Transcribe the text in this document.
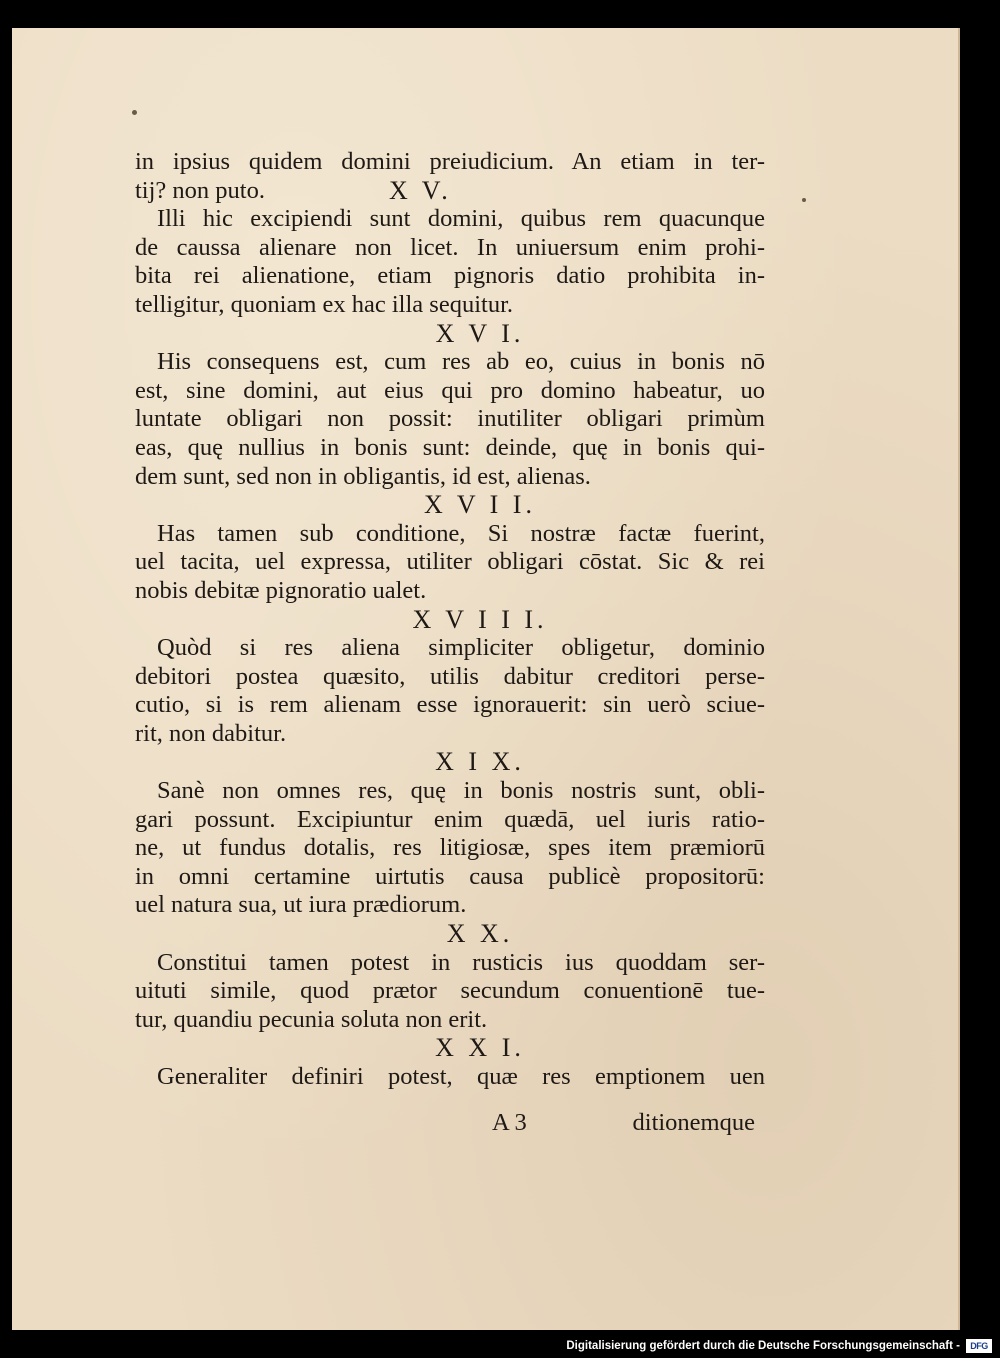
in ipsius quidem domini preiudicium. An etiam in ter-
tij? non puto.	X V.
Illi hic excipiendi sunt domini, quibus rem quacunque
de caussa alienare non licet. In uniuersum enim prohi-
bita rei alienatione, etiam pignoris datio prohibita in-
telligitur, quoniam ex hac illa sequitur.
X V I.
His consequens est, cum res ab eo, cuius in bonis nō
est, sine domini, aut eius qui pro domino habeatur, uo
luntate obligari non possit: inutiliter obligari primùm
eas, quę nullius in bonis sunt: deinde, quę in bonis qui-
dem sunt, sed non in obligantis, id est, alienas.
X V I I.
Has tamen sub conditione, Si nostræ factæ fuerint,
uel tacita, uel expressa, utiliter obligari cōstat. Sic & rei
nobis debitæ pignoratio ualet.
X V I I I.
Quòd si res aliena simpliciter obligetur, dominio
debitori postea quæsito, utilis dabitur creditori perse-
cutio, si is rem alienam esse ignorauerit: sin uerò sciue-
rit, non dabitur.
X I X.
Sanè non omnes res, quę in bonis nostris sunt, obli-
gari possunt. Excipiuntur enim quædā, uel iuris ratio-
ne, ut fundus dotalis, res litigiosæ, spes item præmiorū
in omni certamine uirtutis causa publicè propositorū:
uel natura sua, ut iura prædiorum.
X X.
Constitui tamen potest in rusticis ius quoddam ser-
uituti simile, quod prætor secundum conuentionē tue-
tur, quandiu pecunia soluta non erit.
X X I.
Generaliter definiri potest, quæ res emptionem uen
A 3	ditionemque
Digitalisierung gefördert durch die Deutsche Forschungsgemeinschaft -	DFG
